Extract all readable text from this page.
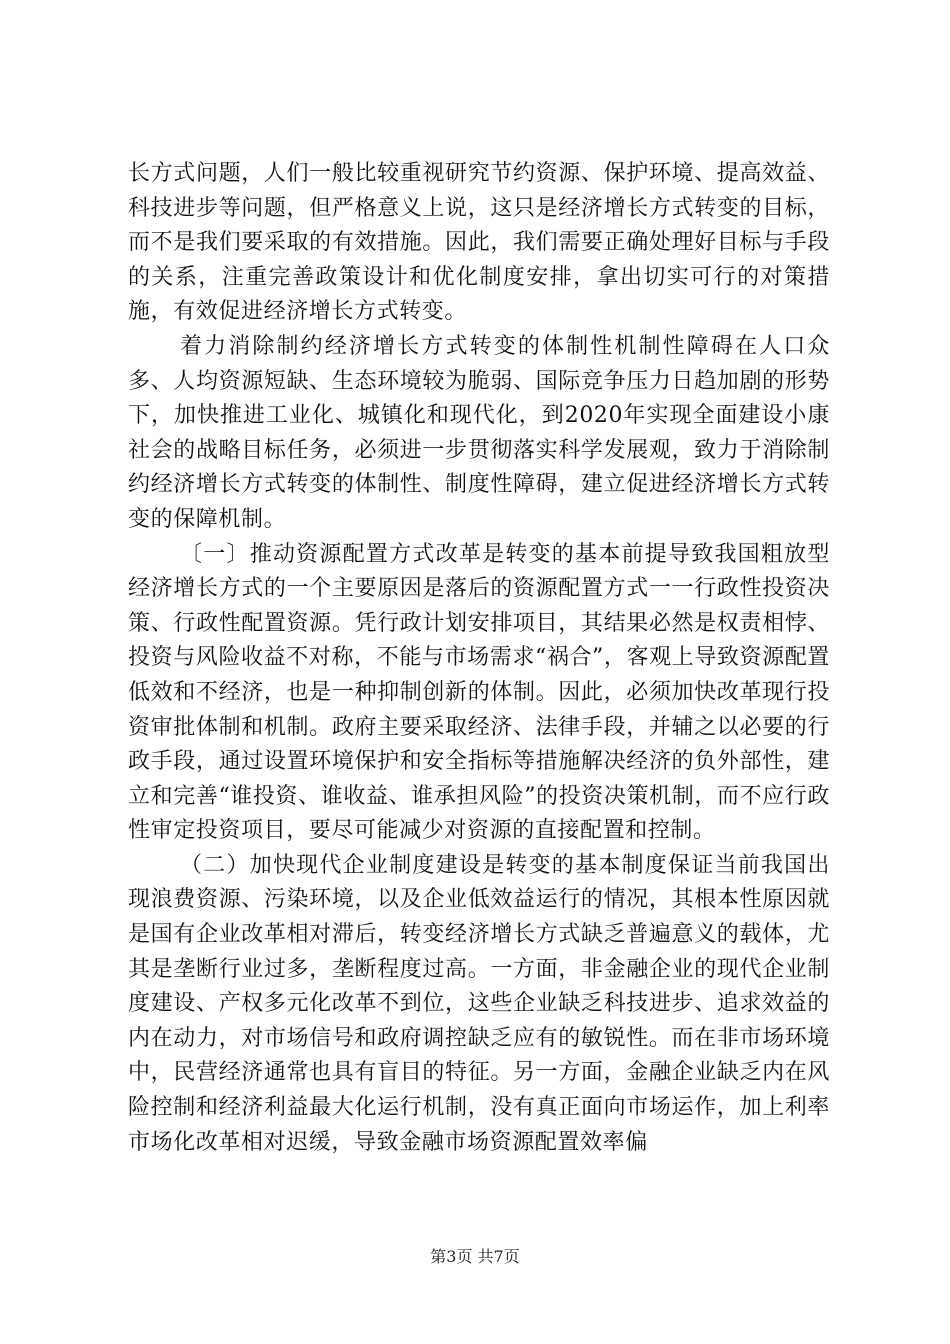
长方式问题，人们一般比较重视研究节约资源、保护环境、提高效益、科技进步等问题，但严格意义上说，这只是经济增长方式转变的目标，而不是我们要采取的有效措施。因此，我们需要正确处理好目标与手段的关系，注重完善政策设计和优化制度安排，拿出切实可行的对策措施，有效促进经济增长方式转变。

着力消除制约经济增长方式转变的体制性机制性障碍在人口众多、人均资源短缺、生态环境较为脆弱、国际竞争压力日趋加剧的形势下，加快推进工业化、城镇化和现代化，到2020年实现全面建设小康社会的战略目标任务，必须进一步贯彻落实科学发展观，致力于消除制约经济增长方式转变的体制性、制度性障碍，建立促进经济增长方式转变的保障机制。

〔一〕推动资源配置方式改革是转变的基本前提导致我国粗放型经济增长方式的一个主要原因是落后的资源配置方式一一行政性投资决策、行政性配置资源。凭行政计划安排项目，其结果必然是权责相悖、投资与风险收益不对称，不能与市场需求“祸合”，客观上导致资源配置低效和不经济，也是一种抑制创新的体制。因此，必须加快改革现行投资审批体制和机制。政府主要采取经济、法律手段，并辅之以必要的行政手段，通过设置环境保护和安全指标等措施解决经济的负外部性，建立和完善“谁投资、谁收益、谁承担风险”的投资决策机制，而不应行政性审定投资项目，要尽可能减少对资源的直接配置和控制。

（二）加快现代企业制度建设是转变的基本制度保证当前我国出现浪费资源、污染环境，以及企业低效益运行的情况，其根本性原因就是国有企业改革相对滞后，转变经济增长方式缺乏普遍意义的载体，尤其是垄断行业过多，垄断程度过高。一方面，非金融企业的现代企业制度建设、产权多元化改革不到位，这些企业缺乏科技进步、追求效益的内在动力，对市场信号和政府调控缺乏应有的敏锐性。而在非市场环境中，民营经济通常也具有盲目的特征。另一方面，金融企业缺乏内在风险控制和经济利益最大化运行机制，没有真正面向市场运作，加上利率市场化改革相对迟缓，导致金融市场资源配置效率偏

第3页 共7页
